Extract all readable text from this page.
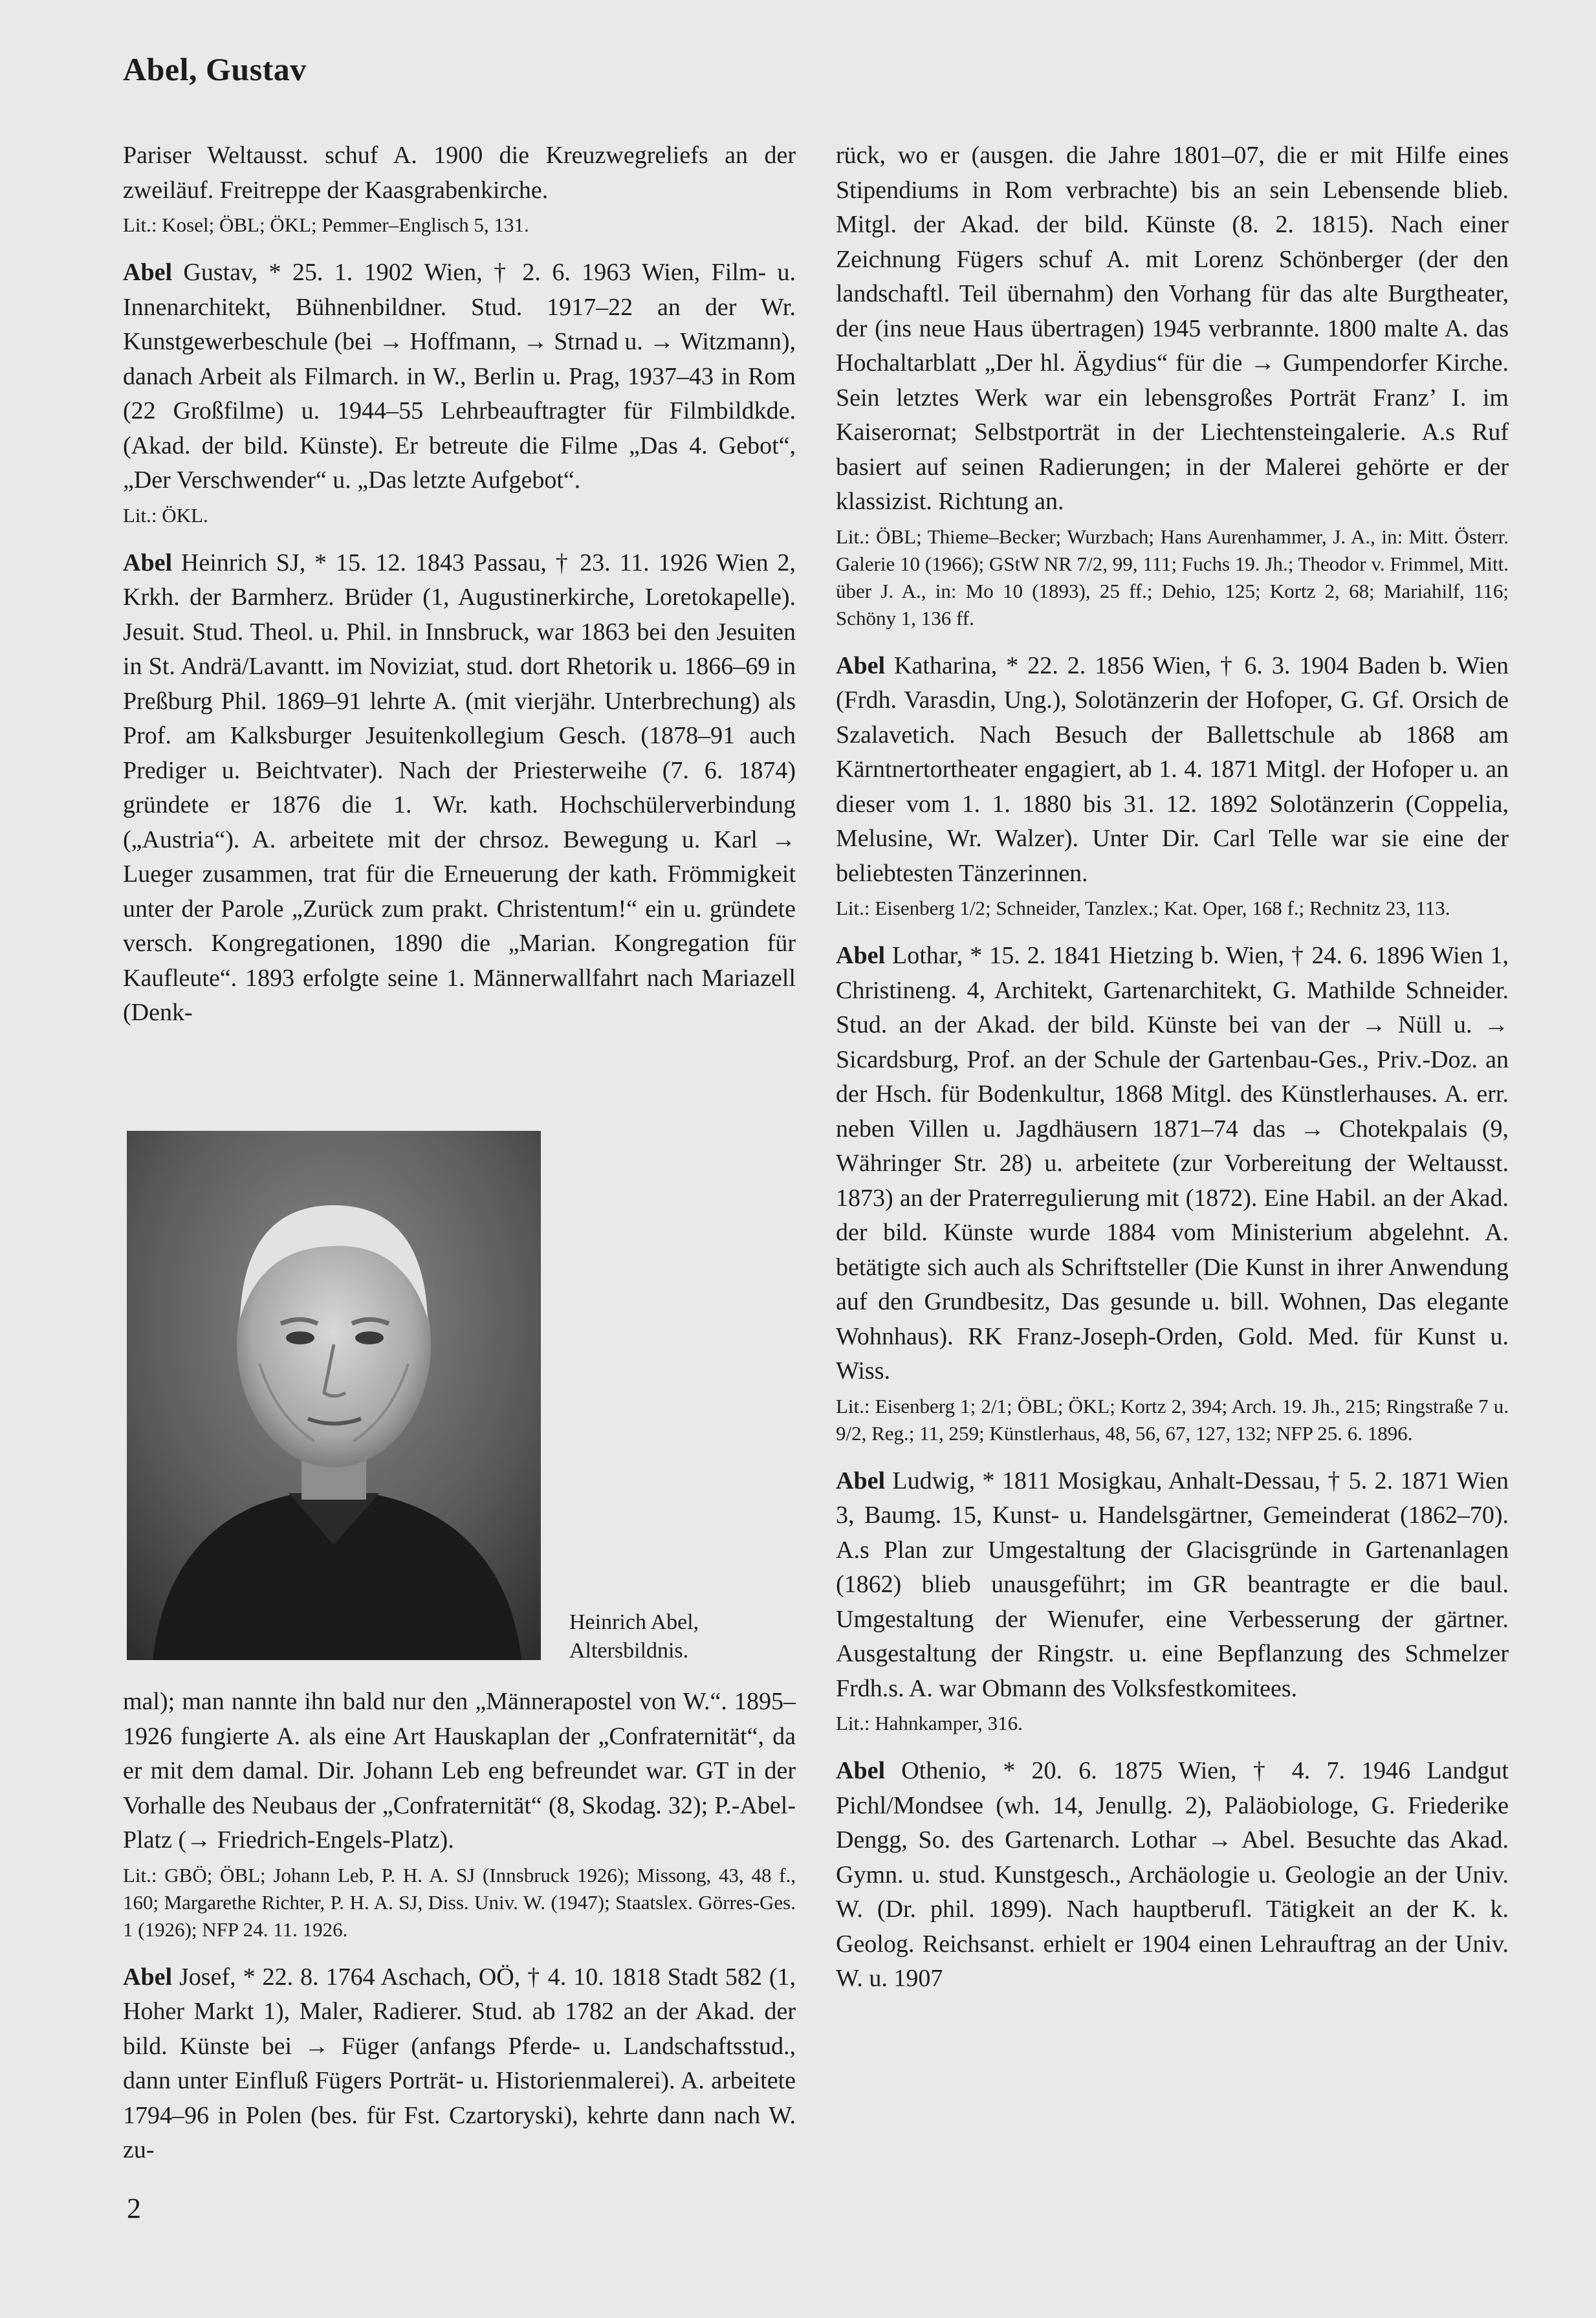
Abel, Gustav

Pariser Weltausst. schuf A. 1900 die Kreuzwegreliefs an der zweiläuf. Freitreppe der Kaasgrabenkirche.

Lit.: Kosel; ÖBL; ÖKL; Pemmer–Englisch 5, 131.

Abel Gustav, * 25. 1. 1902 Wien, † 2. 6. 1963 Wien, Film- u. Innenarchitekt, Bühnenbildner. Stud. 1917–22 an der Wr. Kunstgewerbeschule (bei → Hoffmann, → Strnad u. → Witzmann), danach Arbeit als Filmarch. in W., Berlin u. Prag, 1937–43 in Rom (22 Großfilme) u. 1944–55 Lehrbeauftragter für Filmbildkde. (Akad. der bild. Künste). Er betreute die Filme „Das 4. Gebot“, „Der Verschwender“ u. „Das letzte Aufgebot“.

Lit.: ÖKL.

Abel Heinrich SJ, * 15. 12. 1843 Passau, † 23. 11. 1926 Wien 2, Krkh. der Barmherz. Brüder (1, Augustinerkirche, Loretokapelle). Jesuit. Stud. Theol. u. Phil. in Innsbruck, war 1863 bei den Jesuiten in St. Andrä/Lavantt. im Noviziat, stud. dort Rhetorik u. 1866–69 in Preßburg Phil. 1869–91 lehrte A. (mit vierjähr. Unterbrechung) als Prof. am Kalksburger Jesuitenkollegium Gesch. (1878–91 auch Prediger u. Beichtvater). Nach der Priesterweihe (7. 6. 1874) gründete er 1876 die 1. Wr. kath. Hochschülerverbindung („Austria“). A. arbeitete mit der chrsoz. Bewegung u. Karl → Lueger zusammen, trat für die Erneuerung der kath. Frömmigkeit unter der Parole „Zurück zum prakt. Christentum!“ ein u. gründete versch. Kongregationen, 1890 die „Marian. Kongregation für Kaufleute“. 1893 erfolgte seine 1. Männerwallfahrt nach Mariazell (Denk-

Heinrich Abel,
Altersbildnis.

mal); man nannte ihn bald nur den „Männerapostel von W.“. 1895–1926 fungierte A. als eine Art Hauskaplan der „Confraternität“, da er mit dem damal. Dir. Johann Leb eng befreundet war. GT in der Vorhalle des Neubaus der „Confraternität“ (8, Skodag. 32); P.-Abel-Platz (→ Friedrich-Engels-Platz).

Lit.: GBÖ; ÖBL; Johann Leb, P. H. A. SJ (Innsbruck 1926); Missong, 43, 48 f., 160; Margarethe Richter, P. H. A. SJ, Diss. Univ. W. (1947); Staatslex. Görres-Ges. 1 (1926); NFP 24. 11. 1926.

Abel Josef, * 22. 8. 1764 Aschach, OÖ, † 4. 10. 1818 Stadt 582 (1, Hoher Markt 1), Maler, Radierer. Stud. ab 1782 an der Akad. der bild. Künste bei → Füger (anfangs Pferde- u. Landschaftsstud., dann unter Einfluß Fügers Porträt- u. Historienmalerei). A. arbeitete 1794–96 in Polen (bes. für Fst. Czartoryski), kehrte dann nach W. zu-

rück, wo er (ausgen. die Jahre 1801–07, die er mit Hilfe eines Stipendiums in Rom verbrachte) bis an sein Lebensende blieb. Mitgl. der Akad. der bild. Künste (8. 2. 1815). Nach einer Zeichnung Fügers schuf A. mit Lorenz Schönberger (der den landschaftl. Teil übernahm) den Vorhang für das alte Burgtheater, der (ins neue Haus übertragen) 1945 verbrannte. 1800 malte A. das Hochaltarblatt „Der hl. Ägydius“ für die → Gumpendorfer Kirche. Sein letztes Werk war ein lebensgroßes Porträt Franz’ I. im Kaiserornat; Selbstporträt in der Liechtensteingalerie. A.s Ruf basiert auf seinen Radierungen; in der Malerei gehörte er der klassizist. Richtung an.

Lit.: ÖBL; Thieme–Becker; Wurzbach; Hans Aurenhammer, J. A., in: Mitt. Österr. Galerie 10 (1966); GStW NR 7/2, 99, 111; Fuchs 19. Jh.; Theodor v. Frimmel, Mitt. über J. A., in: Mo 10 (1893), 25 ff.; Dehio, 125; Kortz 2, 68; Mariahilf, 116; Schöny 1, 136 ff.

Abel Katharina, * 22. 2. 1856 Wien, † 6. 3. 1904 Baden b. Wien (Frdh. Varasdin, Ung.), Solotänzerin der Hofoper, G. Gf. Orsich de Szalavetich. Nach Besuch der Ballettschule ab 1868 am Kärntnertortheater engagiert, ab 1. 4. 1871 Mitgl. der Hofoper u. an dieser vom 1. 1. 1880 bis 31. 12. 1892 Solotänzerin (Coppelia, Melusine, Wr. Walzer). Unter Dir. Carl Telle war sie eine der beliebtesten Tänzerinnen.

Lit.: Eisenberg 1/2; Schneider, Tanzlex.; Kat. Oper, 168 f.; Rechnitz 23, 113.

Abel Lothar, * 15. 2. 1841 Hietzing b. Wien, † 24. 6. 1896 Wien 1, Christineng. 4, Architekt, Gartenarchitekt, G. Mathilde Schneider. Stud. an der Akad. der bild. Künste bei van der → Nüll u. → Sicardsburg, Prof. an der Schule der Gartenbau-Ges., Priv.-Doz. an der Hsch. für Bodenkultur, 1868 Mitgl. des Künstlerhauses. A. err. neben Villen u. Jagdhäusern 1871–74 das → Chotekpalais (9, Währinger Str. 28) u. arbeitete (zur Vorbereitung der Weltausst. 1873) an der Praterregulierung mit (1872). Eine Habil. an der Akad. der bild. Künste wurde 1884 vom Ministerium abgelehnt. A. betätigte sich auch als Schriftsteller (Die Kunst in ihrer Anwendung auf den Grundbesitz, Das gesunde u. bill. Wohnen, Das elegante Wohnhaus). RK Franz-Joseph-Orden, Gold. Med. für Kunst u. Wiss.

Lit.: Eisenberg 1; 2/1; ÖBL; ÖKL; Kortz 2, 394; Arch. 19. Jh., 215; Ringstraße 7 u. 9/2, Reg.; 11, 259; Künstlerhaus, 48, 56, 67, 127, 132; NFP 25. 6. 1896.

Abel Ludwig, * 1811 Mosigkau, Anhalt-Dessau, † 5. 2. 1871 Wien 3, Baumg. 15, Kunst- u. Handelsgärtner, Gemeinderat (1862–70). A.s Plan zur Umgestaltung der Glacisgründe in Gartenanlagen (1862) blieb unausgeführt; im GR beantragte er die baul. Umgestaltung der Wienufer, eine Verbesserung der gärtner. Ausgestaltung der Ringstr. u. eine Bepflanzung des Schmelzer Frdh.s. A. war Obmann des Volksfestkomitees.

Lit.: Hahnkamper, 316.

Abel Othenio, * 20. 6. 1875 Wien, † 4. 7. 1946 Landgut Pichl/Mondsee (wh. 14, Jenullg. 2), Paläobiologe, G. Friederike Dengg, So. des Gartenarch. Lothar → Abel. Besuchte das Akad. Gymn. u. stud. Kunstgesch., Archäologie u. Geologie an der Univ. W. (Dr. phil. 1899). Nach hauptberufl. Tätigkeit an der K. k. Geolog. Reichsanst. erhielt er 1904 einen Lehrauftrag an der Univ. W. u. 1907

2
